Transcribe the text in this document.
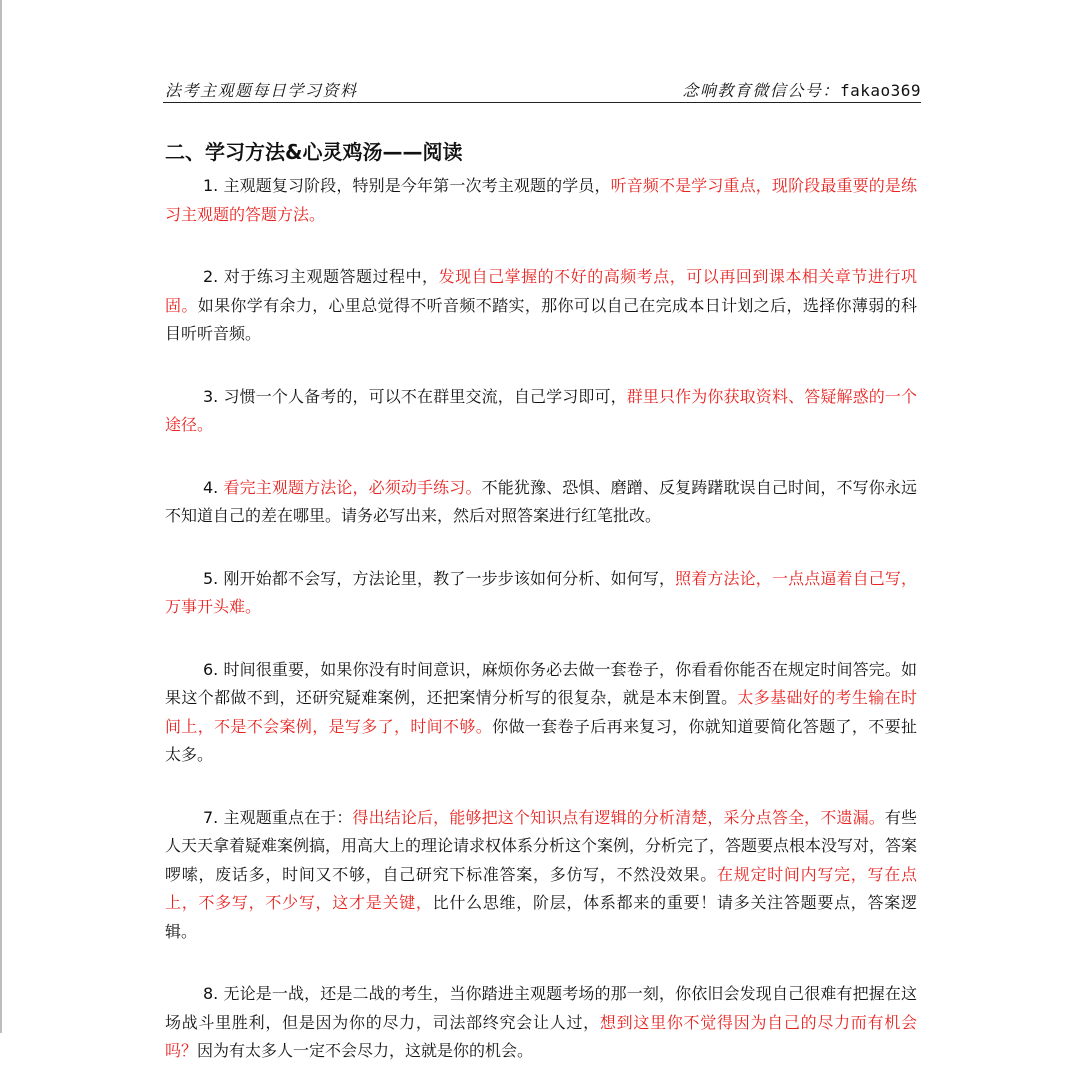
法考主观题每日学习资料	念响教育微信公号：fakao369
二、学习方法&心灵鸡汤——阅读

1. 主观题复习阶段，特别是今年第一次考主观题的学员，听音频不是学习重点，现阶段最重要的是练习主观题的答题方法。

2. 对于练习主观题答题过程中，发现自己掌握的不好的高频考点，可以再回到课本相关章节进行巩固。如果你学有余力，心里总觉得不听音频不踏实，那你可以自己在完成本日计划之后，选择你薄弱的科目听听音频。

3. 习惯一个人备考的，可以不在群里交流，自己学习即可，群里只作为你获取资料、答疑解惑的一个途径。

4. 看完主观题方法论，必须动手练习。不能犹豫、恐惧、磨蹭、反复踌躇耽误自己时间，不写你永远不知道自己的差在哪里。请务必写出来，然后对照答案进行红笔批改。

5. 刚开始都不会写，方法论里，教了一步步该如何分析、如何写，照着方法论，一点点逼着自己写，万事开头难。

6. 时间很重要，如果你没有时间意识，麻烦你务必去做一套卷子，你看看你能否在规定时间答完。如果这个都做不到，还研究疑难案例，还把案情分析写的很复杂，就是本末倒置。太多基础好的考生输在时间上，不是不会案例，是写多了，时间不够。你做一套卷子后再来复习，你就知道要简化答题了，不要扯太多。

7. 主观题重点在于：得出结论后，能够把这个知识点有逻辑的分析清楚，采分点答全，不遗漏。有些人天天拿着疑难案例搞，用高大上的理论请求权体系分析这个案例，分析完了，答题要点根本没写对，答案啰嗦，废话多，时间又不够，自己研究下标准答案，多仿写，不然没效果。在规定时间内写完，写在点上，不多写，不少写，这才是关键，比什么思维，阶层，体系都来的重要！请多关注答题要点，答案逻辑。

8. 无论是一战，还是二战的考生，当你踏进主观题考场的那一刻，你依旧会发现自己很难有把握在这场战斗里胜利，但是因为你的尽力，司法部终究会让人过，想到这里你不觉得因为自己的尽力而有机会吗？因为有太多人一定不会尽力，这就是你的机会。
